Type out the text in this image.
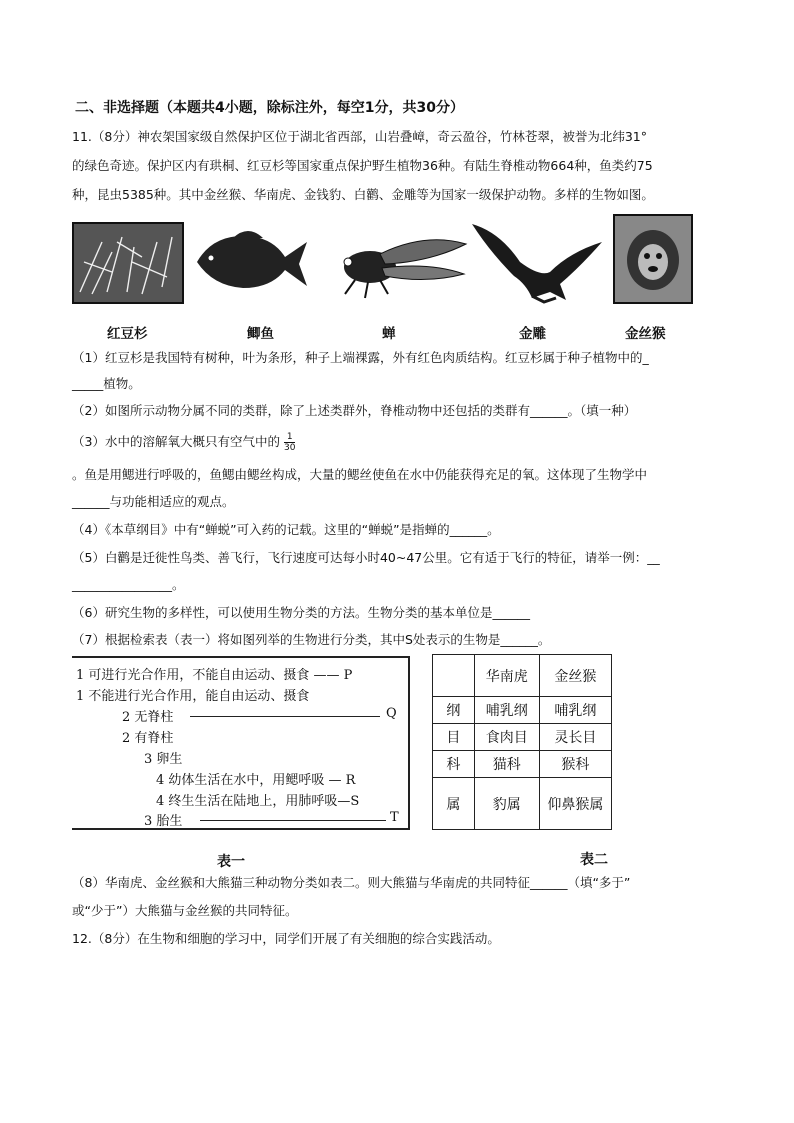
二、非选择题（本题共4小题，除标注外，每空1分，共30分）
11.（8分）神农架国家级自然保护区位于湖北省西部，山岩叠嶂，奇云盈谷，竹林苍翠，被誉为北纬31°
的绿色奇迹。保护区内有珙桐、红豆杉等国家重点保护野生植物36种。有陆生脊椎动物664种，鱼类约75
种，昆虫5385种。其中金丝猴、华南虎、金钱豹、白鹳、金雕等为国家一级保护动物。多样的生物如图。
红豆杉	鲫鱼	蝉	金雕	金丝猴
（1）红豆杉是我国特有树种，叶为条形，种子上端裸露，外有红色肉质结构。红豆杉属于种子植物中的_
_____植物。
（2）如图所示动物分属不同的类群，除了上述类群外，脊椎动物中还包括的类群有______。（填一种）
（3）水中的溶解氧大概只有空气中的 $\frac{1}{30}$
。鱼是用鳃进行呼吸的，鱼鳃由鳃丝构成，大量的鳃丝使鱼在水中仍能获得充足的氧。这体现了生物学中
______与功能相适应的观点。
（4）《本草纲目》中有“蝉蜕”可入药的记载。这里的“蝉蜕”是指蝉的______。
（5）白鹳是迁徙性鸟类、善飞行，飞行速度可达每小时40~47公里。它有适于飞行的特征，请举一例：__
________________。
（6）研究生物的多样性，可以使用生物分类的方法。生物分类的基本单位是______
（7）根据检索表（表一）将如图列举的生物进行分类，其中S处表示的生物是______。
1 可进行光合作用，不能自由运动、摄食 —— P
1 不能进行光合作用，能自由运动、摄食
2 无脊柱	Q
2 有脊柱
3 卵生
4 幼体生活在水中，用鳃呼吸 — R
4 终生生活在陆地上，用肺呼吸—S
3 胎生	T
	华南虎	金丝猴
纲	哺乳纲	哺乳纲
目	食肉目	灵长目
科	猫科	猴科
属	豹属	仰鼻猴属
表一	表二
（8）华南虎、金丝猴和大熊猫三种动物分类如表二。则大熊猫与华南虎的共同特征______（填“多于”
或“少于”）大熊猫与金丝猴的共同特征。
12.（8分）在生物和细胞的学习中，同学们开展了有关细胞的综合实践活动。
